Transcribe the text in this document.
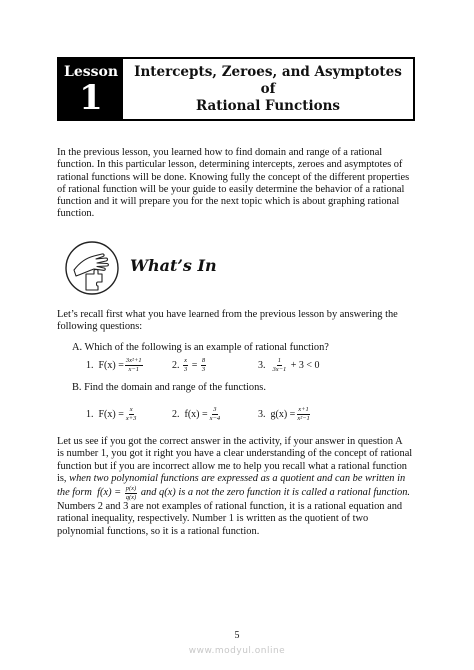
Lesson
1
Intercepts, Zeroes, and Asymptotes of
Rational Functions
In the previous lesson, you learned how to find domain and range of a rational
function. In this particular lesson, determining intercepts, zeroes and asymptotes of
rational functions will be done. Knowing fully the concept of the different properties
of rational function will be your guide to easily determine the behavior of a rational
function and it will prepare you for the next topic which is about graphing rational
function.
What’s In
Let’s recall first what you have learned from the previous lesson by answering the
following questions:

A. Which of the following is an example of rational function?

1.
$F(x) = \frac{\text{3x²+1}}{x-1}$	2.
$\frac{x}{3} = \frac{8}{3}$	3.
$\frac{1}{3x-1} + 3 < 0$

B. Find the domain and range of the functions.

1.
$F(x) = \frac{x}{x+3}$	2.
$f(x) = \frac{3}{x-4}$	3.
$g(x) = \frac{x+1}{\text{x²−1}}$
Let us see if you got the correct answer in the activity, if your answer in question A
is number 1, you got it right you have a clear understanding of the concept of rational
function but if you are incorrect allow me to help you recall what a rational function
is, when two polynomial functions are expressed as a quotient and can be written in
the form  $f(x) = \frac{p(x)}{q(x)}$ and q(x) is a not the zero function it is called a rational function.
Numbers 2 and 3 are not examples of rational function, it is a rational equation and
rational inequality, respectively. Number 1 is written as the quotient of two
polynomial functions, so it is a rational function.
5
www.modyul.online
